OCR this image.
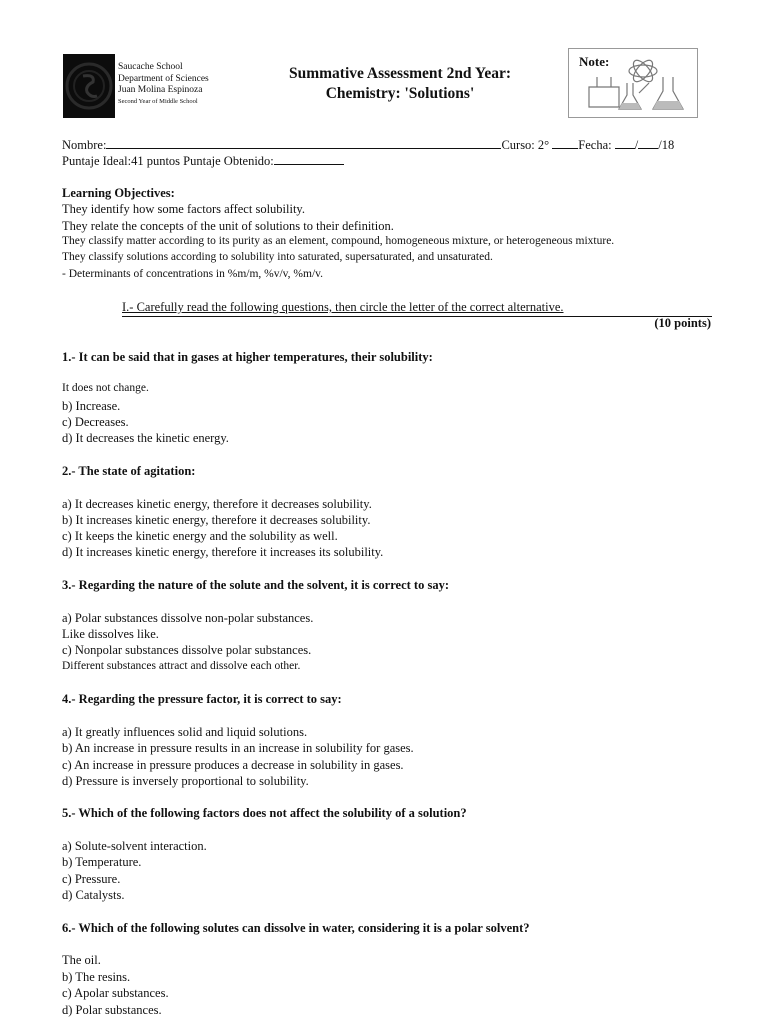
Saucache School
Department of Sciences
Juan Molina Espinoza
Second Year of Middle School
Summative Assessment 2nd Year:
Chemistry: 'Solutions'
Note:
Nombre:	Curso: 2° Fecha: / /18
Puntaje Ideal:41 puntos Puntaje Obtenido:
Learning Objectives:
They identify how some factors affect solubility.
They relate the concepts of the unit of solutions to their definition.
They classify matter according to its purity as an element, compound, homogeneous mixture, or heterogeneous mixture.
They classify solutions according to solubility into saturated, supersaturated, and unsaturated.
- Determinants of concentrations in %m/m, %v/v, %m/v.
I.- Carefully read the following questions, then circle the letter of the correct alternative.
(10 points)
1.- It can be said that in gases at higher temperatures, their solubility:
It does not change.
b) Increase.
c) Decreases.
d) It decreases the kinetic energy.
2.- The state of agitation:
a) It decreases kinetic energy, therefore it decreases solubility.
b) It increases kinetic energy, therefore it decreases solubility.
c) It keeps the kinetic energy and the solubility as well.
d) It increases kinetic energy, therefore it increases its solubility.
3.- Regarding the nature of the solute and the solvent, it is correct to say:
a) Polar substances dissolve non-polar substances.
Like dissolves like.
c) Nonpolar substances dissolve polar substances.
Different substances attract and dissolve each other.
4.- Regarding the pressure factor, it is correct to say:
a) It greatly influences solid and liquid solutions.
b) An increase in pressure results in an increase in solubility for gases.
c) An increase in pressure produces a decrease in solubility in gases.
d) Pressure is inversely proportional to solubility.
5.- Which of the following factors does not affect the solubility of a solution?
a) Solute-solvent interaction.
b) Temperature.
c) Pressure.
d) Catalysts.
6.- Which of the following solutes can dissolve in water, considering it is a polar solvent?
The oil.
b) The resins.
c) Apolar substances.
d) Polar substances.
